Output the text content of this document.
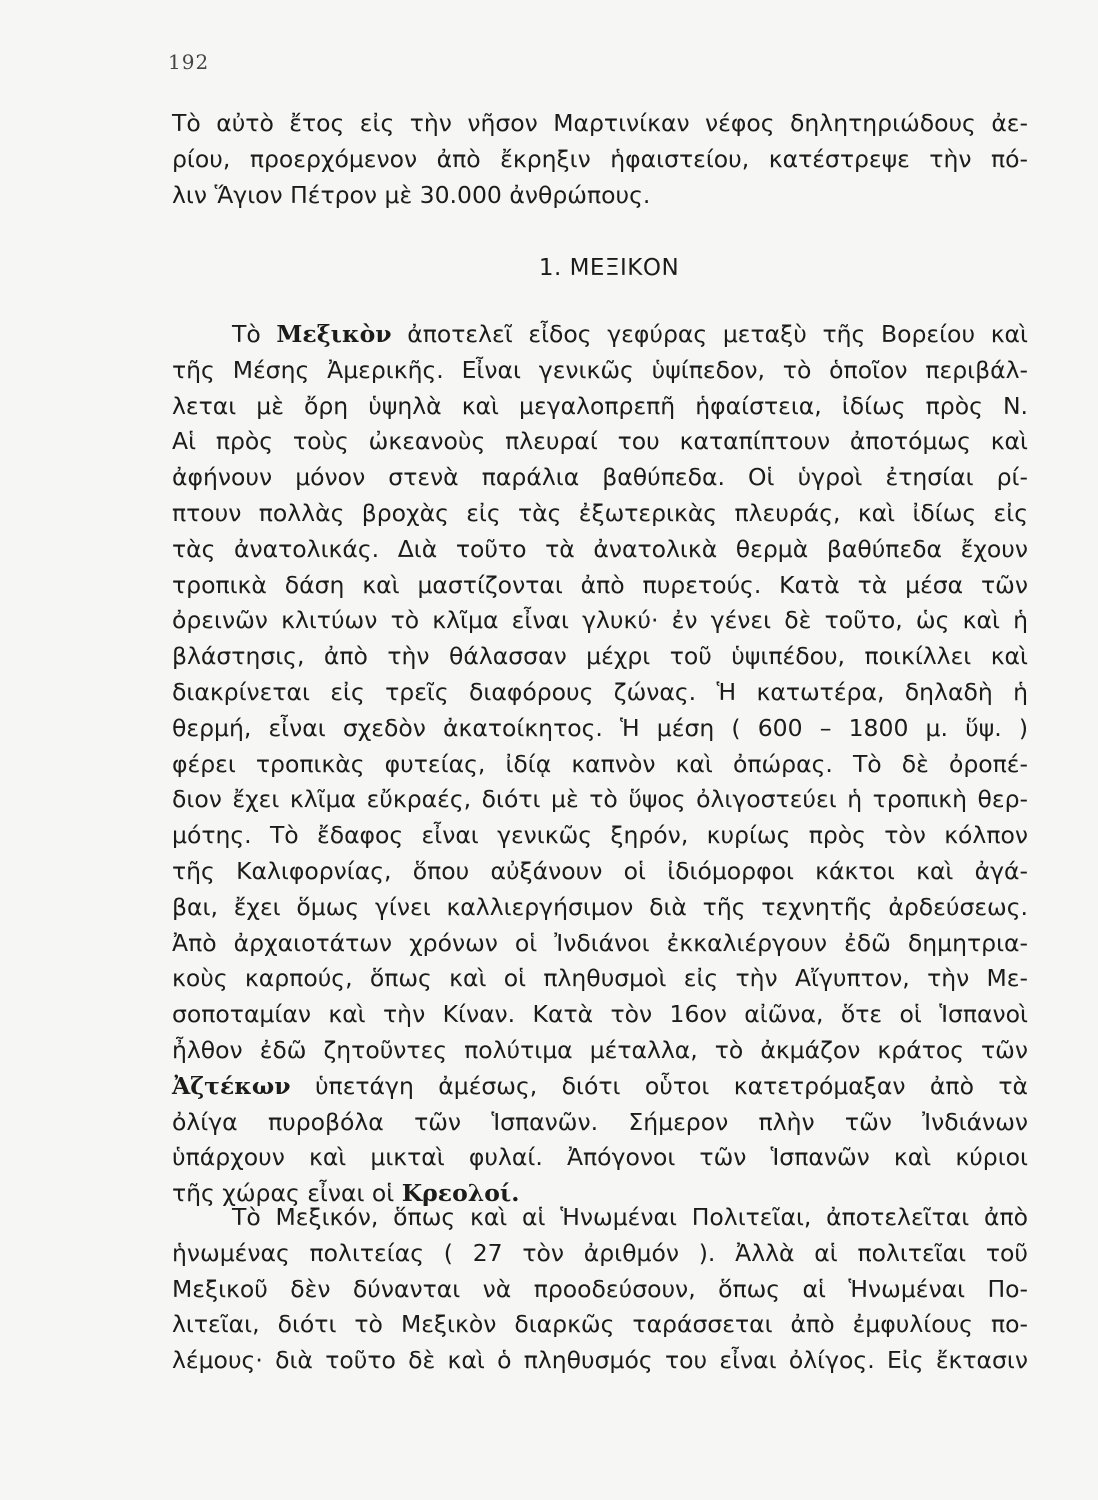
192
Τὸ αὐτὸ ἔτος εἰς τὴν νῆσον Μαρτινίκαν νέφος δηλητηριώδους ἀε-
ρίου, προερχόμενον ἀπὸ ἔκρηξιν ἡφαιστείου, κατέστρεψε τὴν πό-
λιν Ἅγιον Πέτρον μὲ 30.000 ἀνθρώπους.
1. ΜΕΞΙΚΟΝ
Τὸ Μεξικὸν ἀποτελεῖ εἶδος γεφύρας μεταξὺ τῆς Βορείου καὶ
τῆς Μέσης Ἀμερικῆς. Εἶναι γενικῶς ὑψίπεδον, τὸ ὁποῖον περιβάλ-
λεται μὲ ὄρη ὑψηλὰ καὶ μεγαλοπρεπῆ ἡφαίστεια, ἰδίως πρὸς Ν.
Αἱ πρὸς τοὺς ὠκεανοὺς πλευραί του καταπίπτουν ἀποτόμως καὶ
ἀφήνουν μόνον στενὰ παράλια βαθύπεδα. Οἱ ὑγροὶ ἐτησίαι ρί-
πτουν πολλὰς βροχὰς εἰς τὰς ἐξωτερικὰς πλευράς, καὶ ἰδίως εἰς
τὰς ἀνατολικάς. Διὰ τοῦτο τὰ ἀνατολικὰ θερμὰ βαθύπεδα ἔχουν
τροπικὰ δάση καὶ μαστίζονται ἀπὸ πυρετούς. Κατὰ τὰ μέσα τῶν
ὀρεινῶν κλιτύων τὸ κλῖμα εἶναι γλυκύ· ἐν γένει δὲ τοῦτο, ὡς καὶ ἡ
βλάστησις, ἀπὸ τὴν θάλασσαν μέχρι τοῦ ὑψιπέδου, ποικίλλει καὶ
διακρίνεται εἰς τρεῖς διαφόρους ζώνας. Ἡ κατωτέρα, δηλαδὴ ἡ
θερμή, εἶναι σχεδὸν ἀκατοίκητος. Ἡ μέση ( 600 – 1800 μ. ὕψ. )
φέρει τροπικὰς φυτείας, ἰδίᾳ καπνὸν καὶ ὀπώρας. Τὸ δὲ ὀροπέ-
διον ἔχει κλῖμα εὔκραές, διότι μὲ τὸ ὕψος ὀλιγοστεύει ἡ τροπικὴ θερ-
μότης. Τὸ ἔδαφος εἶναι γενικῶς ξηρόν, κυρίως πρὸς τὸν κόλπον
τῆς Καλιφορνίας, ὅπου αὐξάνουν οἱ ἰδιόμορφοι κάκτοι καὶ ἀγά-
βαι, ἔχει ὅμως γίνει καλλιεργήσιμον διὰ τῆς τεχνητῆς ἀρδεύσεως.
Ἀπὸ ἀρχαιοτάτων χρόνων οἱ Ἰνδιάνοι ἐκκαλιέργουν ἐδῶ δημητρια-
κοὺς καρπούς, ὅπως καὶ οἱ πληθυσμοὶ εἰς τὴν Αἴγυπτον, τὴν Με-
σοποταμίαν καὶ τὴν Κίναν. Κατὰ τὸν 16ον αἰῶνα, ὅτε οἱ Ἱσπανοὶ
ἦλθον ἐδῶ ζητοῦντες πολύτιμα μέταλλα, τὸ ἀκμάζον κράτος τῶν
Ἀζτέκων ὑπετάγη ἀμέσως, διότι οὗτοι κατετρόμαξαν ἀπὸ τὰ
ὀλίγα πυροβόλα τῶν Ἱσπανῶν. Σήμερον πλὴν τῶν Ἰνδιάνων
ὑπάρχουν καὶ μικταὶ φυλαί. Ἀπόγονοι τῶν Ἱσπανῶν καὶ κύριοι
τῆς χώρας εἶναι οἱ Κρεολοί.
Τὸ Μεξικόν, ὅπως καὶ αἱ Ἡνωμέναι Πολιτεῖαι, ἀποτελεῖται ἀπὸ
ἡνωμένας πολιτείας ( 27 τὸν ἀριθμόν ). Ἀλλὰ αἱ πολιτεῖαι τοῦ
Μεξικοῦ δὲν δύνανται νὰ προοδεύσουν, ὅπως αἱ Ἡνωμέναι Πο-
λιτεῖαι, διότι τὸ Μεξικὸν διαρκῶς ταράσσεται ἀπὸ ἐμφυλίους πο-
λέμους· διὰ τοῦτο δὲ καὶ ὁ πληθυσμός του εἶναι ὀλίγος. Εἰς ἔκτασιν
